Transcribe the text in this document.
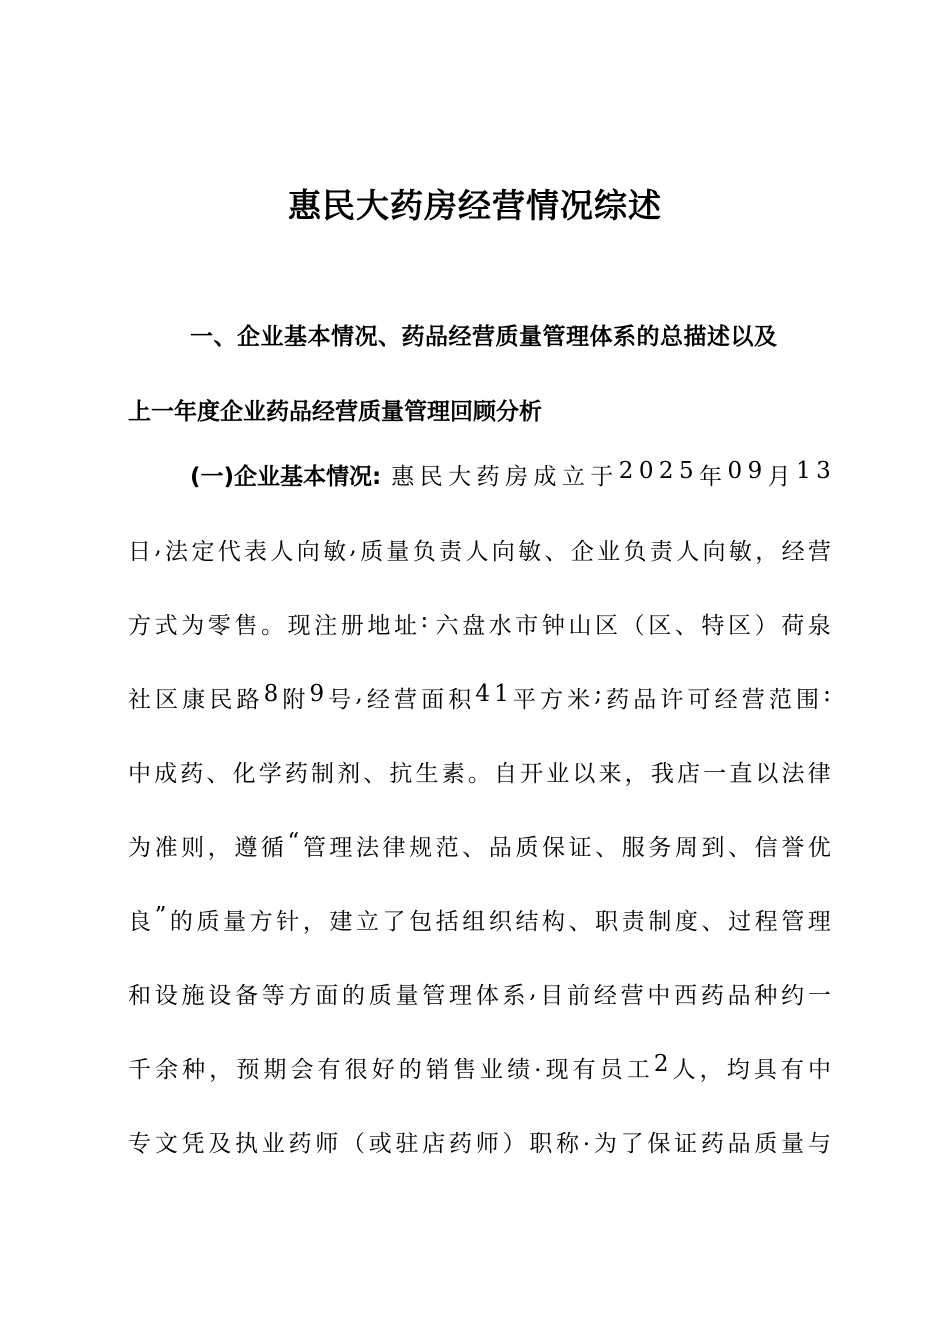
惠民大药房经营情况综述
一、企业基本情况、药品经营质量管理体系的总描述以及
上一年度企业药品经营质量管理回顾分析
(一)企业基本情况: 惠 民 大 药 房 成 立 于 2 0 2 5 年 0 9 月 1 3
日 , 法 定 代 表 人 向 敏 , 质 量 负 责 人 向 敏 、 企 业 负 责 人 向 敏 ， 经 营
方 式 为 零 售 。 现 注 册 地 址 : 六 盘 水 市 钟 山 区 （ 区 、 特 区 ） 荷 泉
社 区 康 民 路 8 附 9 号 , 经 营 面 积 4 1 平 方 米 ; 药 品 许 可 经 营 范 围 :
中 成 药 、 化 学 药 制 剂 、 抗 生 素 。 自 开 业 以 来 ， 我 店 一 直 以 法 律
为 准 则 ， 遵 循 “ 管 理 法 律 规 范 、 品 质 保 证 、 服 务 周 到 、 信 誉 优
良 ” 的 质 量 方 针 ， 建 立 了 包 括 组 织 结 构 、 职 责 制 度 、 过 程 管 理
和 设 施 设 备 等 方 面 的 质 量 管 理 体 系 , 目 前 经 营 中 西 药 品 种 约 一
千 余 种 ， 预 期 会 有 很 好 的 销 售 业 绩 . 现 有 员 工 2 人 ， 均 具 有 中
专 文 凭 及 执 业 药 师 （ 或 驻 店 药 师 ） 职 称 . 为 了 保 证 药 品 质 量 与
